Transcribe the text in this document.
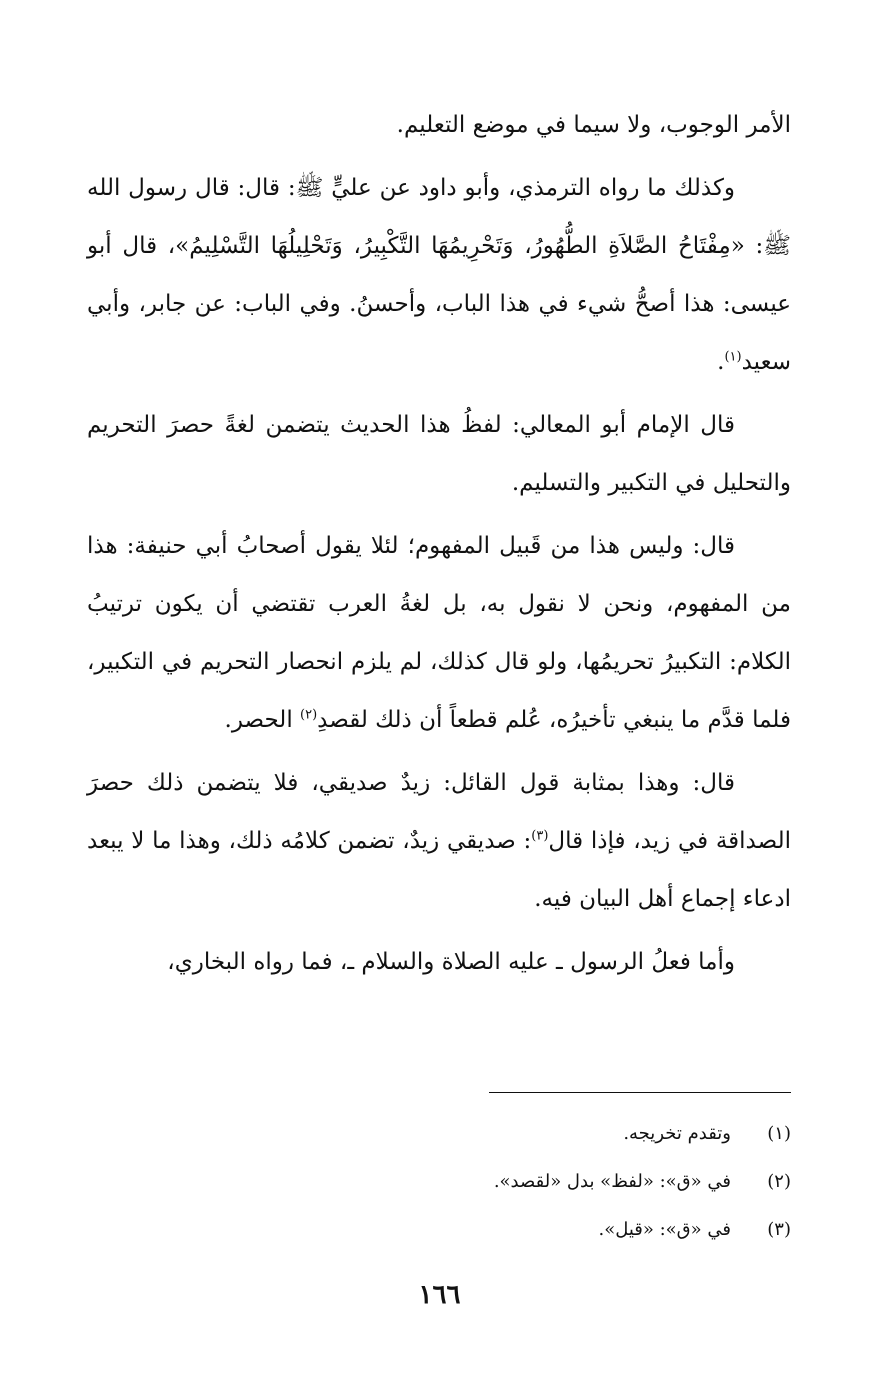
الأمر الوجوب، ولا سيما في موضع التعليم.

وكذلك ما رواه الترمذي، وأبو داود عن عليٍّ ﷺ: قال: قال رسول الله ﷺ: «مِفْتَاحُ الصَّلاَةِ الطُّهُورُ، وَتَحْرِيمُهَا التَّكْبِيرُ، وَتَحْلِيلُهَا التَّسْلِيمُ»، قال أبو عيسى: هذا أصحُّ شيء في هذا الباب، وأحسنُ. وفي الباب: عن جابر، وأبي سعيد$^{(١)}$.

قال الإمام أبو المعالي: لفظُ هذا الحديث يتضمن لغةً حصرَ التحريم والتحليل في التكبير والتسليم.

قال: وليس هذا من قَبيل المفهوم؛ لئلا يقول أصحابُ أبي حنيفة: هذا من المفهوم، ونحن لا نقول به، بل لغةُ العرب تقتضي أن يكون ترتيبُ الكلام: التكبيرُ تحريمُها، ولو قال كذلك، لم يلزم انحصار التحريم في التكبير، فلما قدَّم ما ينبغي تأخيرُه، عُلم قطعاً أن ذلك لقصدِ$^{(٢)}$ الحصر.

قال: وهذا بمثابة قول القائل: زيدٌ صديقي، فلا يتضمن ذلك حصرَ الصداقة في زيد، فإذا قال$^{(٣)}$: صديقي زيدٌ، تضمن كلامُه ذلك، وهذا ما لا يبعد ادعاء إجماع أهل البيان فيه.

وأما فعلُ الرسول ـ عليه الصلاة والسلام ـ، فما رواه البخاري،

(١)وتقدم تخريجه.
(٢)في «ق»: «لفظ» بدل «لقصد».
(٣)في «ق»: «قيل».
١٦٦
